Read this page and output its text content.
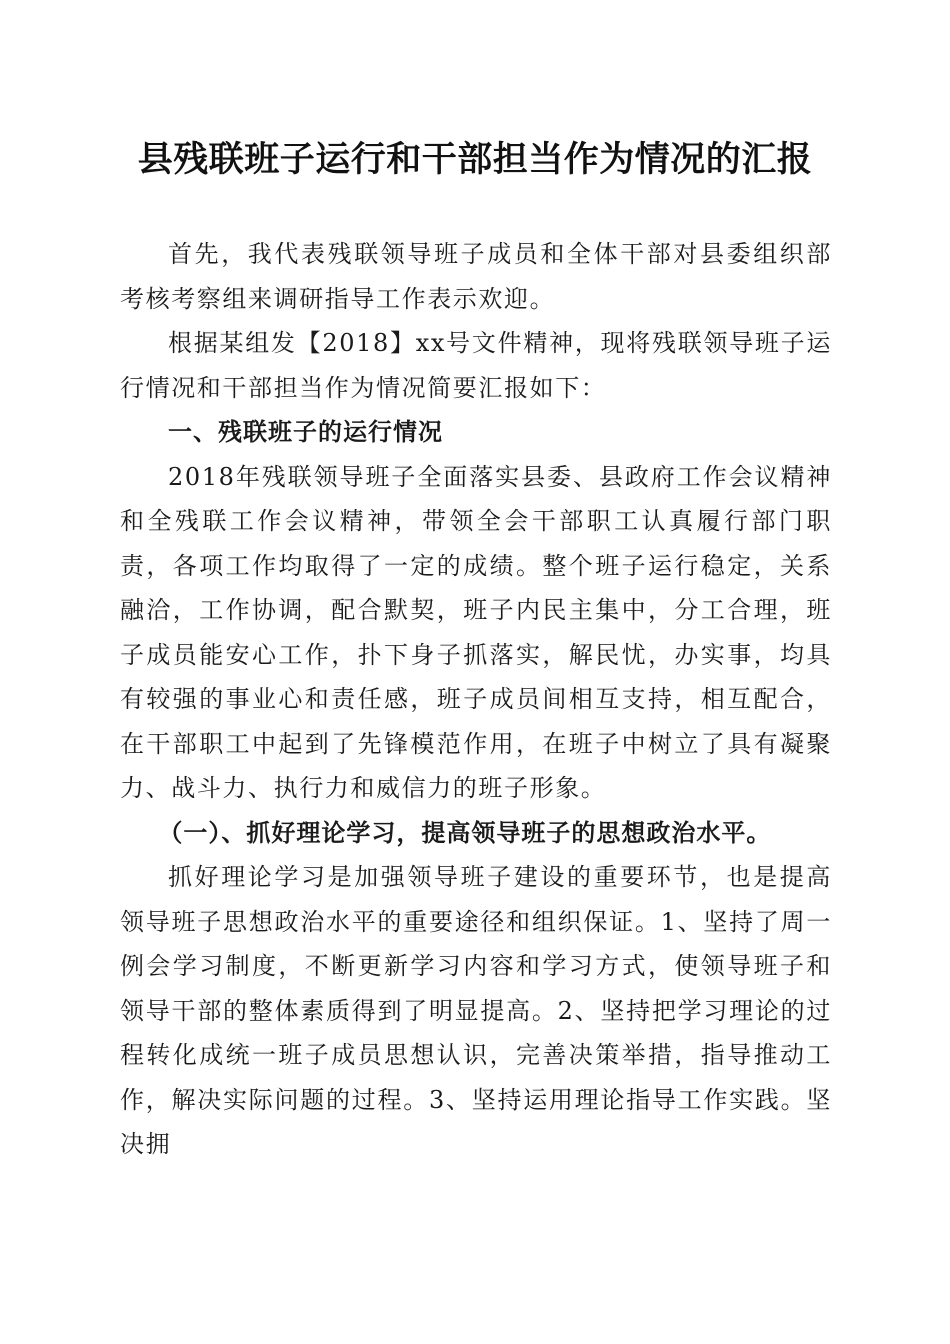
县残联班子运行和干部担当作为情况的汇报

首先，我代表残联领导班子成员和全体干部对县委组织部考核考察组来调研指导工作表示欢迎。

根据某组发【2018】xx号文件精神，现将残联领导班子运行情况和干部担当作为情况简要汇报如下：

一、残联班子的运行情况

2018年残联领导班子全面落实县委、县政府工作会议精神和全残联工作会议精神，带领全会干部职工认真履行部门职责，各项工作均取得了一定的成绩。整个班子运行稳定，关系融洽，工作协调，配合默契，班子内民主集中，分工合理，班子成员能安心工作，扑下身子抓落实，解民忧，办实事，均具有较强的事业心和责任感，班子成员间相互支持，相互配合，在干部职工中起到了先锋模范作用，在班子中树立了具有凝聚力、战斗力、执行力和威信力的班子形象。

（一）、抓好理论学习，提高领导班子的思想政治水平。

抓好理论学习是加强领导班子建设的重要环节，也是提高领导班子思想政治水平的重要途径和组织保证。1、坚持了周一例会学习制度，不断更新学习内容和学习方式，使领导班子和领导干部的整体素质得到了明显提高。2、坚持把学习理论的过程转化成统一班子成员思想认识，完善决策举措，指导推动工作，解决实际问题的过程。3、坚持运用理论指导工作实践。坚决拥
